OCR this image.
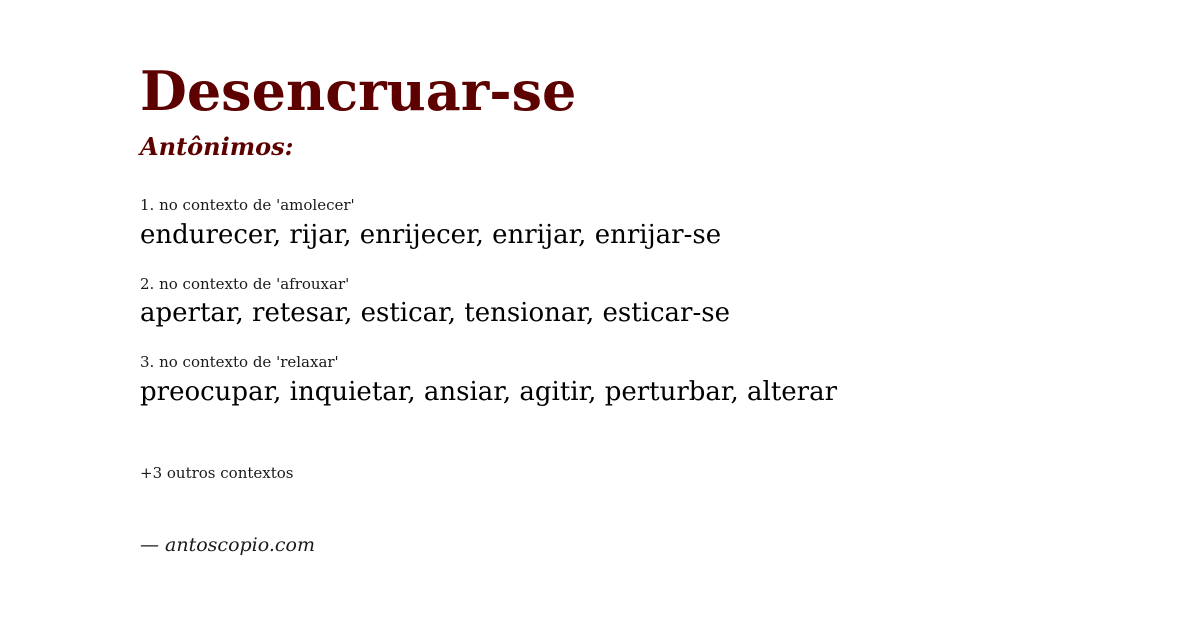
Desencruar-se
Antônimos:
1. no contexto de 'amolecer'
endurecer, rijar, enrijecer, enrijar, enrijar-se
2. no contexto de 'afrouxar'
apertar, retesar, esticar, tensionar, esticar-se
3. no contexto de 'relaxar'
preocupar, inquietar, ansiar, agitir, perturbar, alterar
+3 outros contextos
— antoscopio.com
